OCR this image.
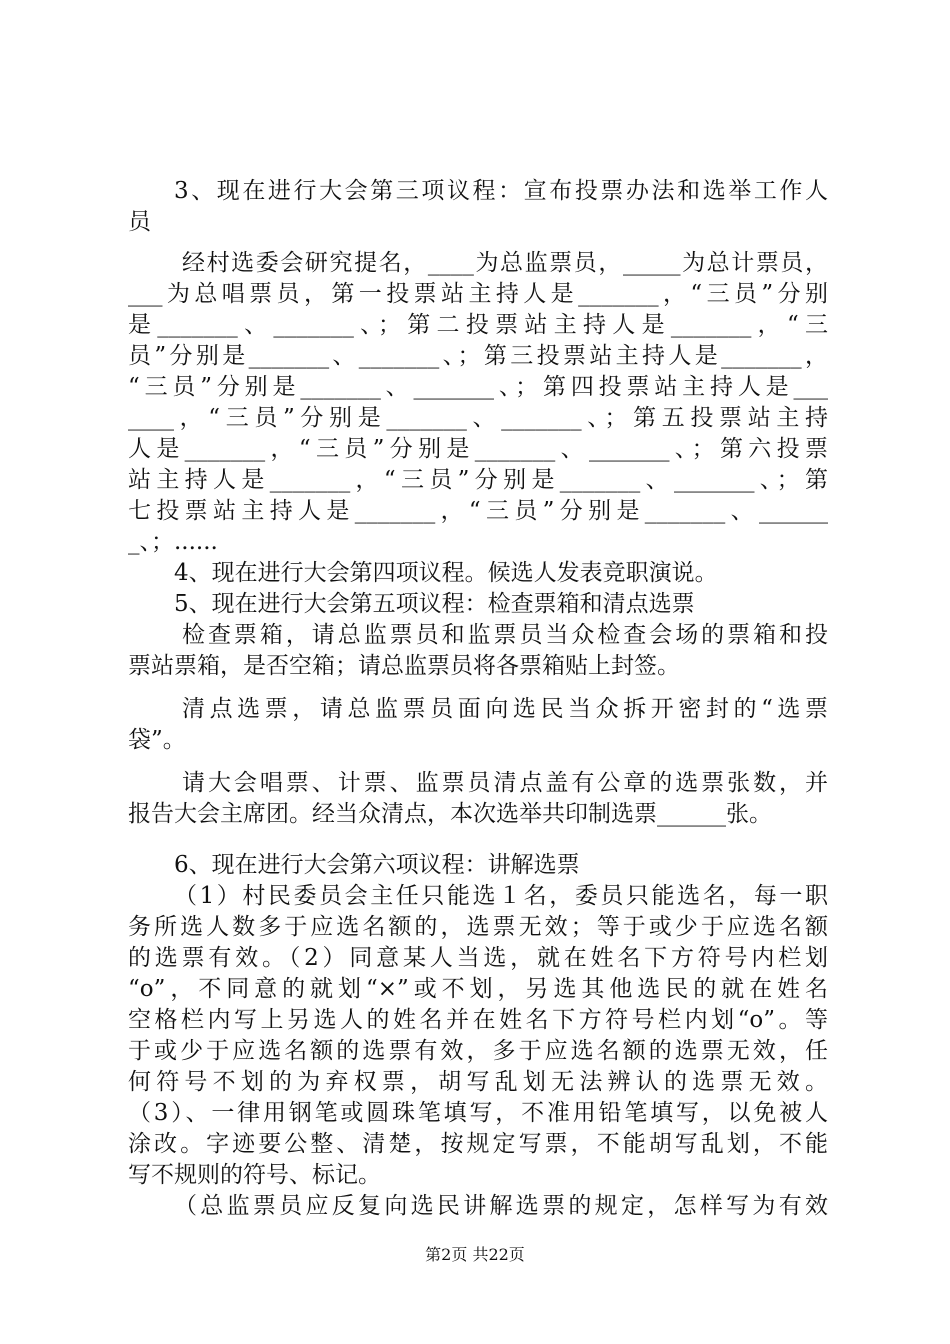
3、现在进行大会第三项议程：宣布投票办法和选举工作人
员
经村选委会研究提名，____为总监票员，_____为总计票员，
___为总唱票员，第一投票站主持人是_______，“三员”分别
是_______、_______、；第二投票站主持人是_______，“三
员”分别是_______、_______、；第三投票站主持人是_______，
“三员”分别是_______、_______、；第四投票站主持人是___
____，“三员”分别是_______、_______、；第五投票站主持
人是_______，“三员”分别是_______、_______、；第六投票
站主持人是_______，“三员”分别是_______、_______、；第
七投票站主持人是_______，“三员”分别是_______、______
_、；......
4、现在进行大会第四项议程。候选人发表竞职演说。
5、现在进行大会第五项议程：检查票箱和清点选票
检查票箱，请总监票员和监票员当众检查会场的票箱和投
票站票箱，是否空箱；请总监票员将各票箱贴上封签。
清点选票，请总监票员面向选民当众拆开密封的“选票
袋”。
请大会唱票、计票、监票员清点盖有公章的选票张数，并
报告大会主席团。经当众清点，本次选举共印制选票______张。
6、现在进行大会第六项议程：讲解选票
（1）村民委员会主任只能选１名，委员只能选名，每一职
务所选人数多于应选名额的，选票无效；等于或少于应选名额
的选票有效。（2）同意某人当选，就在姓名下方符号内栏划
“o”，不同意的就划“×”或不划，另选其他选民的就在姓名
空格栏内写上另选人的姓名并在姓名下方符号栏内划“o”。等
于或少于应选名额的选票有效，多于应选名额的选票无效，任
何符号不划的为弃权票，胡写乱划无法辨认的选票无效。
（3）、一律用钢笔或圆珠笔填写，不准用铅笔填写，以免被人
涂改。字迹要公整、清楚，按规定写票，不能胡写乱划，不能
写不规则的符号、标记。
（总监票员应反复向选民讲解选票的规定，怎样写为有效
第2页 共22页
